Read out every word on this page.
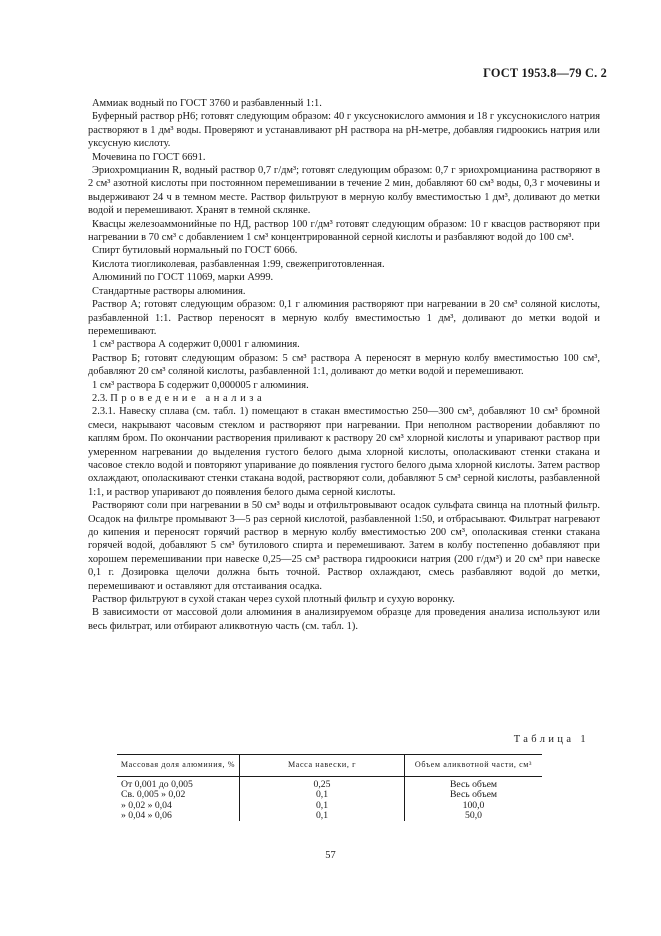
ГОСТ 1953.8—79 С. 2

Аммиак водный по ГОСТ 3760 и разбавленный 1:1.

Буферный раствор рН6; готовят следующим образом: 40 г уксуснокислого аммония и 18 г уксуснокислого натрия растворяют в 1 дм³ воды. Проверяют и устанавливают рН раствора на рН-метре, добавляя гидроокись натрия или уксусную кислоту.

Мочевина по ГОСТ 6691.

Эриохромцианин R, водный раствор 0,7 г/дм³; готовят следующим образом: 0,7 г эриохромцианина растворяют в 2 см³ азотной кислоты при постоянном перемешивании в течение 2 мин, добавляют 60 см³ воды, 0,3 г мочевины и выдерживают 24 ч в темном месте. Раствор фильтруют в мерную колбу вместимостью 1 дм³, доливают до метки водой и перемешивают. Хранят в темной склянке.

Квасцы железоаммонийные по НД, раствор 100 г/дм³ готовят следующим образом: 10 г квасцов растворяют при нагревании в 70 см³ с добавлением 1 см³ концентрированной серной кислоты и разбавляют водой до 100 см³.

Спирт бутиловый нормальный по ГОСТ 6066.

Кислота тиогликолевая, разбавленная 1:99, свежеприготовленная.

Алюминий по ГОСТ 11069, марки А999.

Стандартные растворы алюминия.

Раствор А; готовят следующим образом: 0,1 г алюминия растворяют при нагревании в 20 см³ соляной кислоты, разбавленной 1:1. Раствор переносят в мерную колбу вместимостью 1 дм³, доливают до метки водой и перемешивают.

1 см³ раствора А содержит 0,0001 г алюминия.

Раствор Б; готовят следующим образом: 5 см³ раствора А переносят в мерную колбу вместимостью 100 см³, добавляют 20 см³ соляной кислоты, разбавленной 1:1, доливают до метки водой и перемешивают.

1 см³ раствора Б содержит 0,000005 г алюминия.

2.3. Проведение анализа

2.3.1. Навеску сплава (см. табл. 1) помещают в стакан вместимостью 250—300 см³, добавляют 10 см³ бромной смеси, накрывают часовым стеклом и растворяют при нагревании. При неполном растворении добавляют по каплям бром. По окончании растворения приливают к раствору 20 см³ хлорной кислоты и упаривают раствор при умеренном нагревании до выделения густого белого дыма хлорной кислоты, ополаскивают стенки стакана и часовое стекло водой и повторяют упаривание до появления густого белого дыма хлорной кислоты. Затем раствор охлаждают, ополаскивают стенки стакана водой, растворяют соли, добавляют 5 см³ серной кислоты, разбавленной 1:1, и раствор упаривают до появления белого дыма серной кислоты.

Растворяют соли при нагревании в 50 см³ воды и отфильтровывают осадок сульфата свинца на плотный фильтр. Осадок на фильтре промывают 3—5 раз серной кислотой, разбавленной 1:50, и отбрасывают. Фильтрат нагревают до кипения и переносят горячий раствор в мерную колбу вместимостью 200 см³, ополаскивая стенки стакана горячей водой, добавляют 5 см³ бутилового спирта и перемешивают. Затем в колбу постепенно добавляют при хорошем перемешивании при навеске 0,25—25 см³ раствора гидроокиси натрия (200 г/дм³) и 20 см³ при навеске 0,1 г. Дозировка щелочи должна быть точной. Раствор охлаждают, смесь разбавляют водой до метки, перемешивают и оставляют для отстаивания осадка.

Раствор фильтруют в сухой стакан через сухой плотный фильтр и сухую воронку.

В зависимости от массовой доли алюминия в анализируемом образце для проведения анализа используют или весь фильтрат, или отбирают аликвотную часть (см. табл. 1).

Таблица 1
Массовая доля алюминия, %	Масса навески, г	Объем аликвотной части, см³
От 0,001 до 0,005	0,25	Весь объем
Св. 0,005 » 0,02	0,1	Весь объем
» 0,02 » 0,04	0,1	100,0
» 0,04 » 0,06	0,1	50,0
57
